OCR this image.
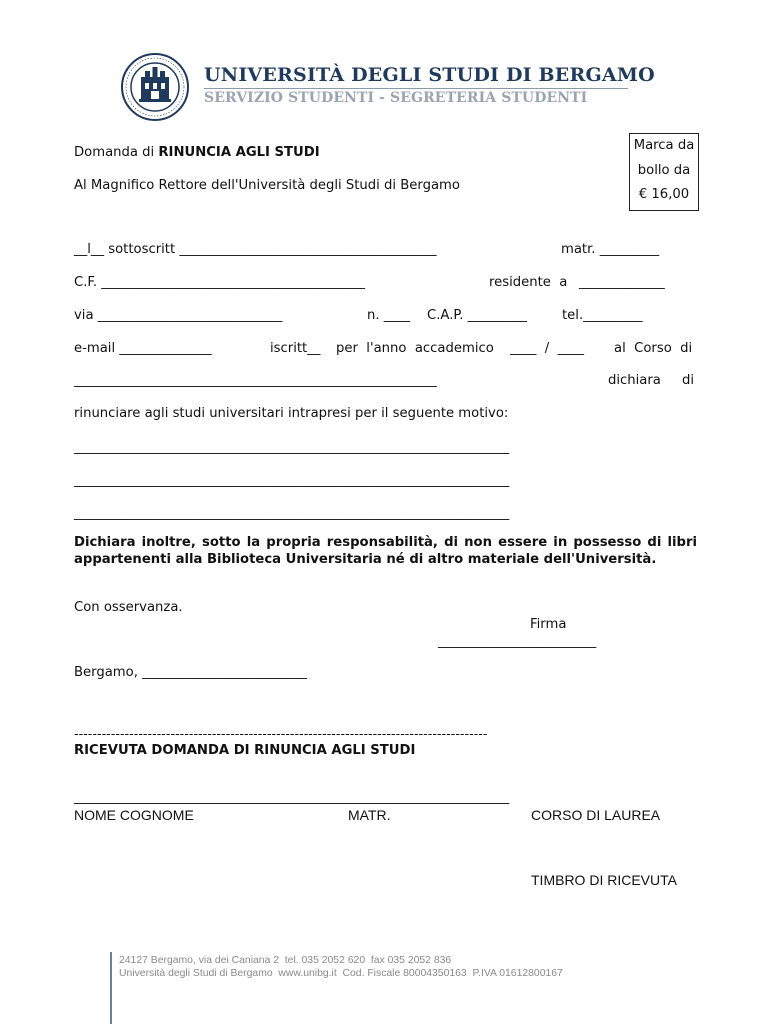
UNIVERSITÀ DEGLI STUDI DI BERGAMO
SERVIZIO STUDENTI - SEGRETERIA STUDENTI
Marca da
bollo da
€ 16,00
Domanda di RINUNCIA AGLI STUDI
Al Magnifico Rettore dell'Università degli Studi di Bergamo
__l__ sottoscritt _______________________________________	matr. _________
C.F. ________________________________________	residente  a _____________
via ____________________________	n. ____ C.A.P. _________	tel._________
e-mail ______________	iscritt__ per  l'anno  accademico ____  /  ____ al  Corso  di
_______________________________________________________	dichiara di
rinunciare agli studi universitari intrapresi per il seguente motivo:
__________________________________________________________________
__________________________________________________________________
__________________________________________________________________
Dichiara inoltre, sotto la propria responsabilità, di non essere in possesso di libri appartenenti alla Biblioteca Universitaria né di altro materiale dell'Università.
Con osservanza.
Firma
________________________
Bergamo, _________________________
------------------------------------------------------------------------------------------
RICEVUTA DOMANDA DI RINUNCIA AGLI STUDI
__________________________________________________________________
NOME COGNOME	MATR.	CORSO DI LAUREA
TIMBRO DI RICEVUTA
24127 Bergamo, via dei Caniana 2  tel. 035 2052 620  fax 035 2052 836
Università degli Studi di Bergamo  www.unibg.it  Cod. Fiscale 80004350163  P.IVA 01612800167
